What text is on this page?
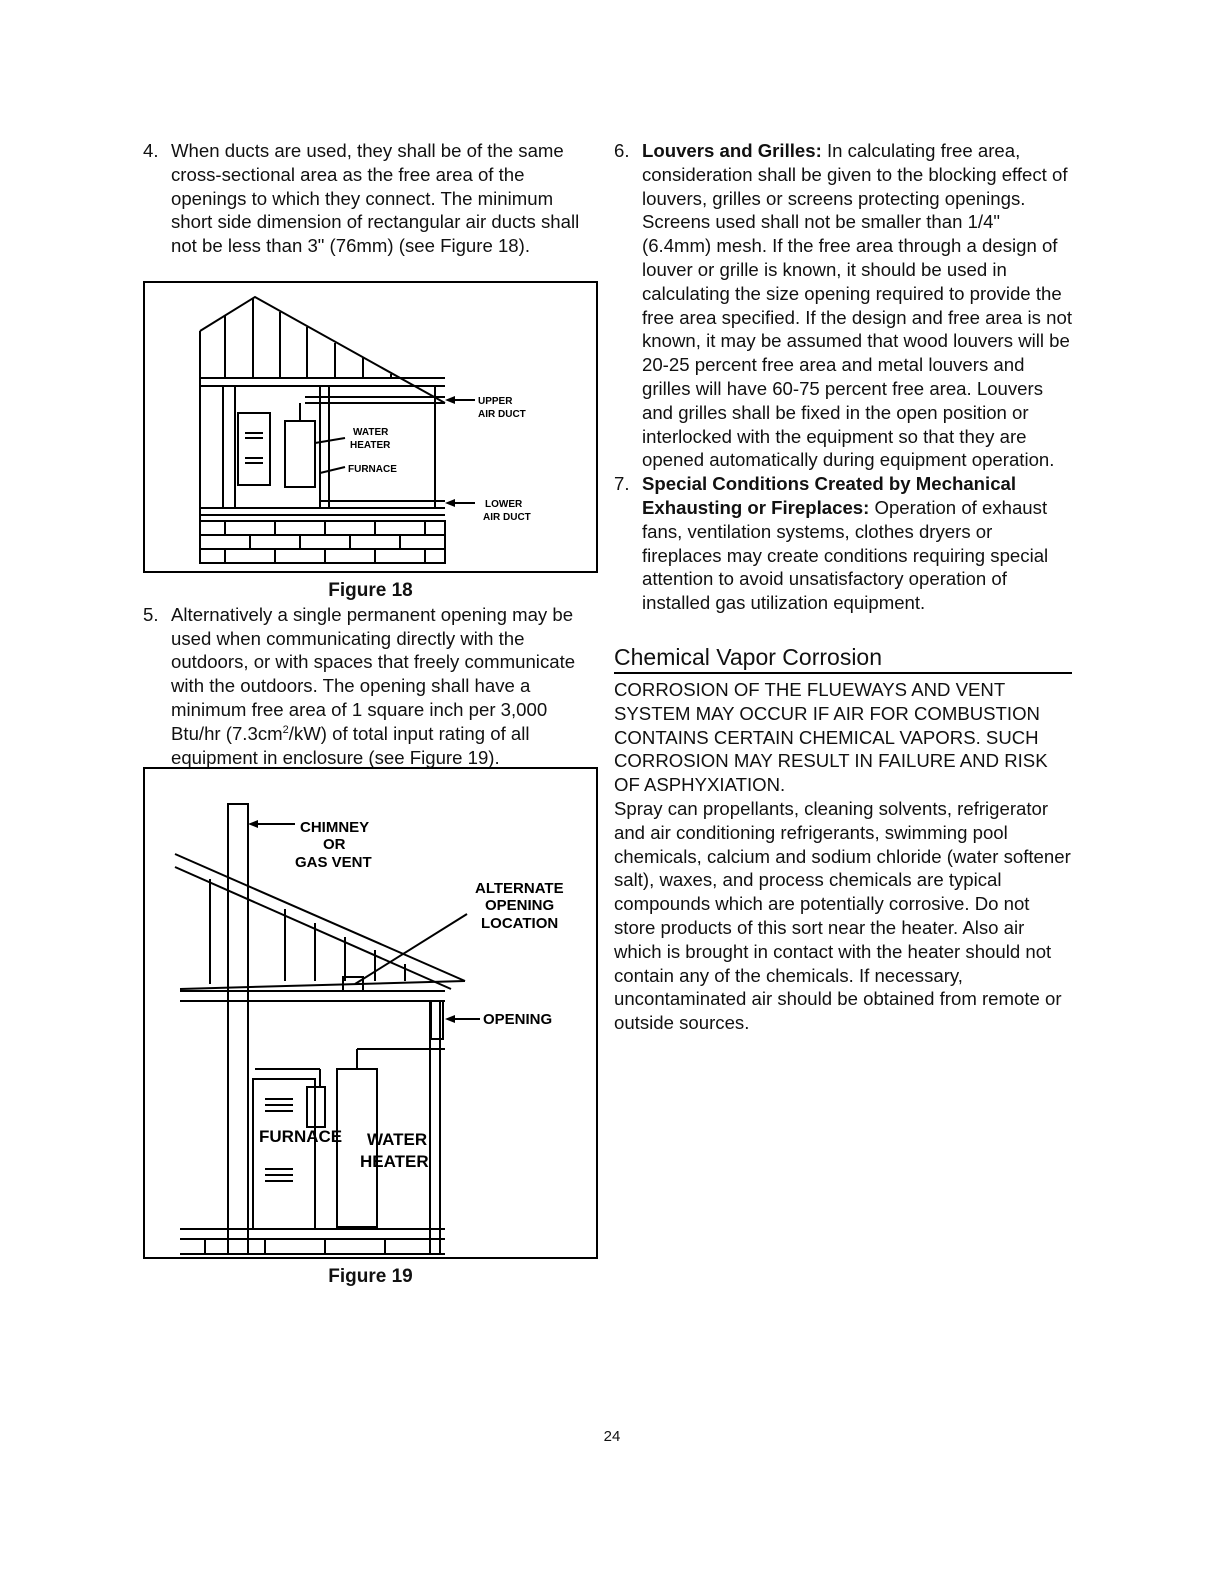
4. When ducts are used, they shall be of the same cross-sectional area as the free area of the openings to which they connect. The minimum short side dimension of rectangular air ducts shall not be less than 3" (76mm) (see Figure 18).
UPPER
AIR DUCT
WATER
HEATER
FURNACE
LOWER
AIR DUCT
Figure 18
5. Alternatively a single permanent opening may be used when communicating directly with the outdoors, or with spaces that freely communicate with the outdoors. The opening shall have a minimum free area of 1 square inch per 3,000 Btu/hr $(7.3cm^2/kW)$ of total input rating of all equipment in enclosure (see Figure 19).
CHIMNEY
OR
GAS VENT
ALTERNATE
OPENING
LOCATION
OPENING
FURNACE WATER
HEATER
Figure 19
6. Louvers and Grilles: In calculating free area, consideration shall be given to the blocking effect of louvers, grilles or screens protecting openings. Screens used shall not be smaller than 1/4" (6.4mm) mesh. If the free area through a design of louver or grille is known, it should be used in calculating the size opening required to provide the free area specified. If the design and free area is not known, it may be assumed that wood louvers will be 20-25 percent free area and metal louvers and grilles will have 60-75 percent free area. Louvers and grilles shall be fixed in the open position or interlocked with the equipment so that they are opened automatically during equipment operation.
7. Special Conditions Created by Mechanical Exhausting or Fireplaces: Operation of exhaust fans, ventilation systems, clothes dryers or fireplaces may create conditions requiring special attention to avoid unsatisfactory operation of installed gas utilization equipment.
Chemical Vapor Corrosion

CORROSION OF THE FLUEWAYS AND VENT SYSTEM MAY OCCUR IF AIR FOR COMBUSTION CONTAINS CERTAIN CHEMICAL VAPORS. SUCH CORROSION MAY RESULT IN FAILURE AND RISK OF ASPHYXIATION.

Spray can propellants, cleaning solvents, refrigerator and air conditioning refrigerants, swimming pool chemicals, calcium and sodium chloride (water softener salt), waxes, and process chemicals are typical compounds which are potentially corrosive. Do not store products of this sort near the heater. Also air which is brought in contact with the heater should not contain any of the chemicals. If necessary, uncontaminated air should be obtained from remote or outside sources.

24
